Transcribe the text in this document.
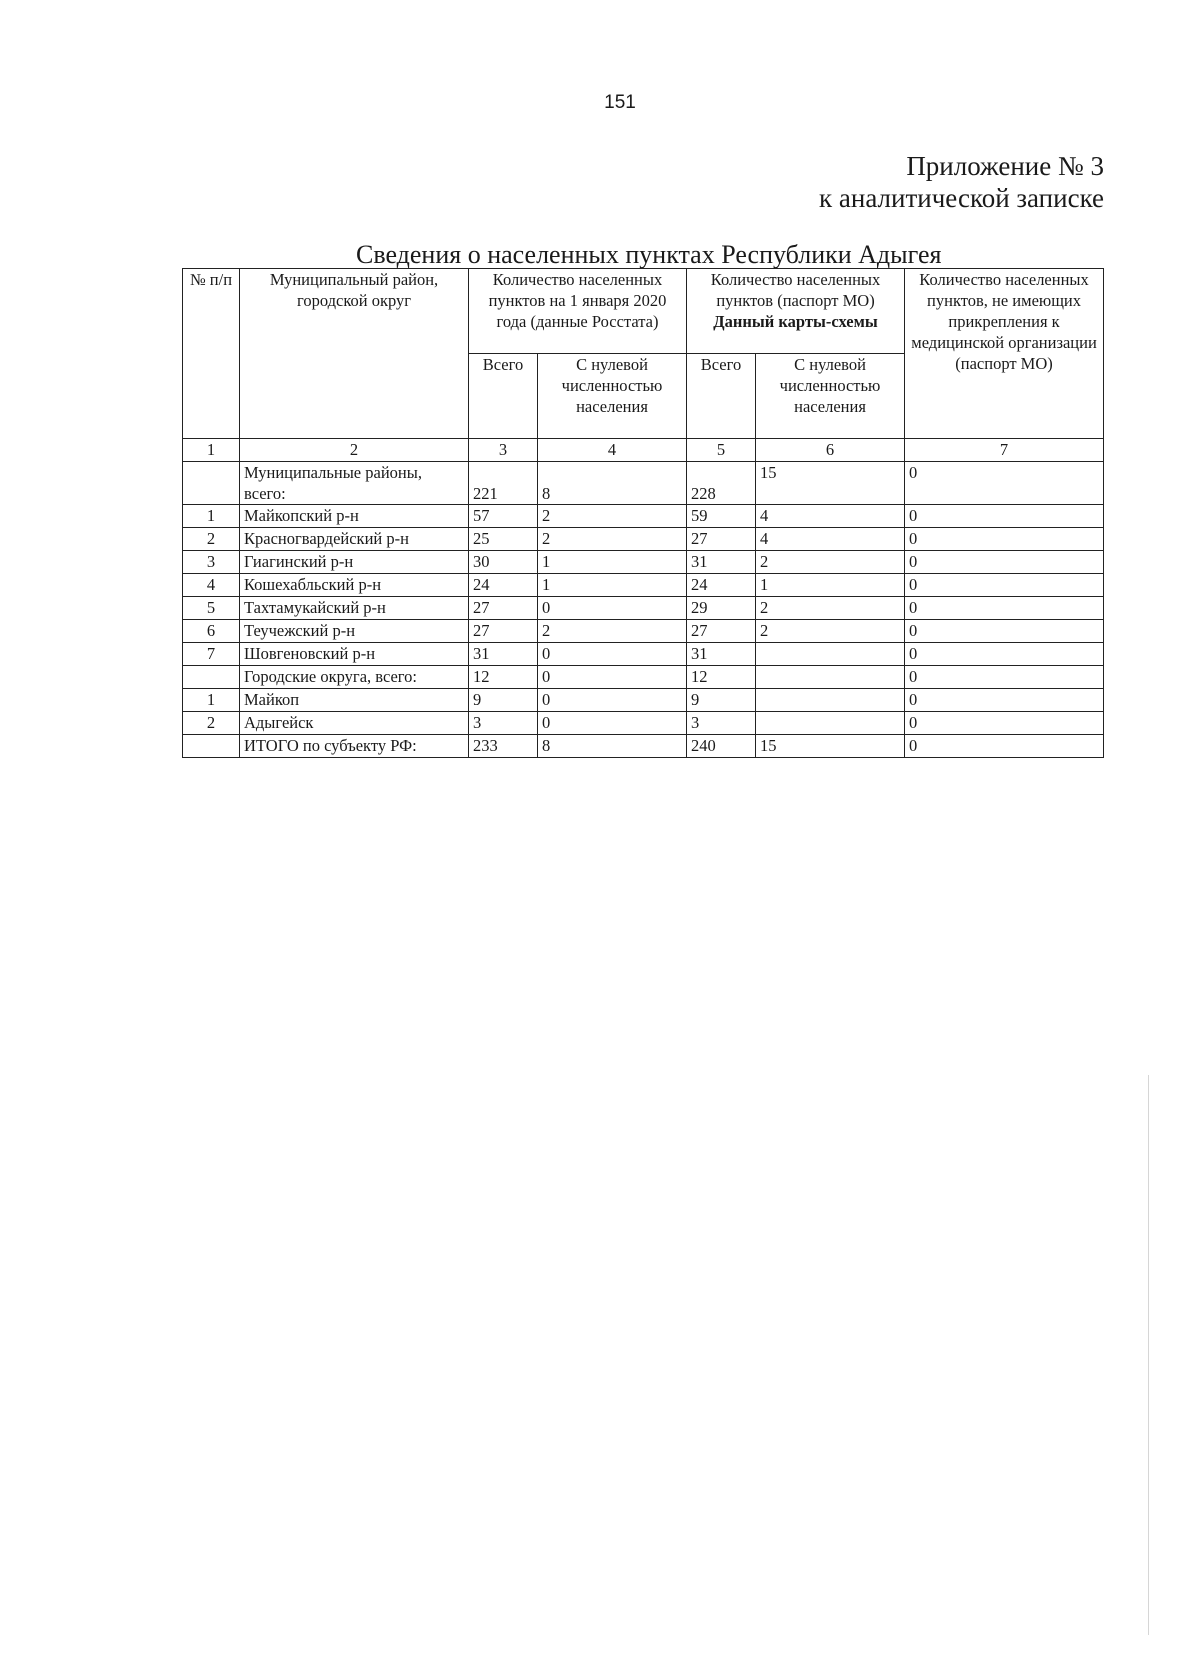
151
Приложение № 3
к аналитической записке
Сведения о населенных пунктах Республики Адыгея
№ п/п	Муниципальный район, городской округ	Количество населенных пунктов на 1 января 2020 года (данные Росстата)		Количество населенных пунктов (паспорт МО)
Данный карты-схемы		Количество населенных пунктов, не имеющих прикрепления к медицинской организации (паспорт МО)
		Всего	С нулевой численностью населения	Всего	С нулевой численностью населения	
1	2	3	4	5	6	7
	Муниципальные районы, всего:	221	8	228	15	0
1	Майкопский р-н	57	2	59	4	0
2	Красногвардейский р-н	25	2	27	4	0
3	Гиагинский р-н	30	1	31	2	0
4	Кошехабльский р-н	24	1	24	1	0
5	Тахтамукайский р-н	27	0	29	2	0
6	Теучежский р-н	27	2	27	2	0
7	Шовгеновский р-н	31	0	31		0
	Городские округа, всего:	12	0	12		0
1	Майкоп	9	0	9		0
2	Адыгейск	3	0	3		0
	ИТОГО по субъекту РФ:	233	8	240	15	0
